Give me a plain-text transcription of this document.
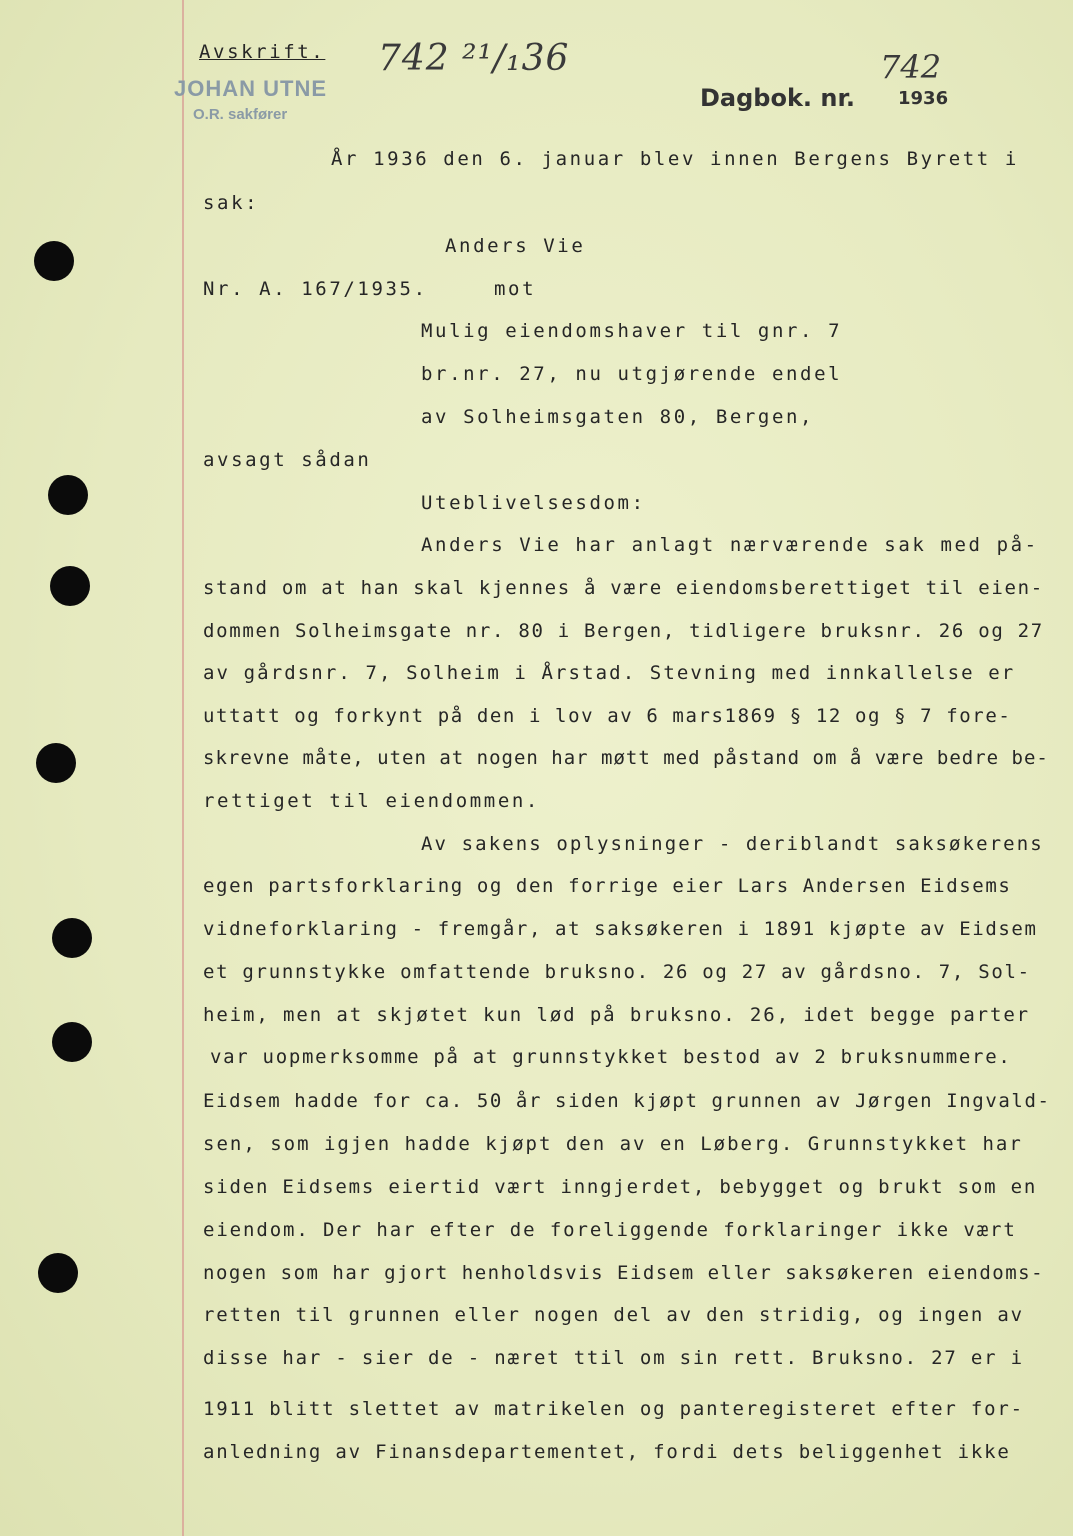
Avskrift.
JOHAN UTNE
O.R. sakfører
742 ²¹/₁36
Dagbok. nr.
742
1936
År 1936 den 6. januar blev innen Bergens Byrett i
sak:
Anders Vie
Nr. A. 167/1935.	mot
Mulig eiendomshaver til gnr. 7
br.nr. 27, nu utgjørende endel
av Solheimsgaten 80, Bergen,
avsagt sådan
Uteblivelsesdom:
Anders Vie har anlagt nærværende sak med på-
stand om at han skal kjennes å være eiendomsberettiget til eien-
dommen Solheimsgate nr. 80 i Bergen, tidligere bruksnr. 26 og 27
av gårdsnr. 7, Solheim i Årstad. Stevning med innkallelse er
uttatt og forkynt på den i lov av 6 mars1869 § 12 og § 7 fore-
skrevne måte, uten at nogen har møtt med påstand om å være bedre be-
rettiget til eiendommen.
Av sakens oplysninger - deriblandt saksøkerens
egen partsforklaring og den forrige eier Lars Andersen Eidsems
vidneforklaring - fremgår, at saksøkeren i 1891 kjøpte av Eidsem
et grunnstykke omfattende bruksno. 26 og 27 av gårdsno. 7, Sol-
heim, men at skjøtet kun lød på bruksno. 26, idet begge parter
var uopmerksomme på at grunnstykket bestod av 2 bruksnummere.
Eidsem hadde for ca. 50 år siden kjøpt grunnen av Jørgen Ingvald-
sen, som igjen hadde kjøpt den av en Løberg. Grunnstykket har
siden Eidsems eiertid vært inngjerdet, bebygget og brukt som en
eiendom. Der har efter de foreliggende forklaringer ikke vært
nogen som har gjort henholdsvis Eidsem eller saksøkeren eiendoms-
retten til grunnen eller nogen del av den stridig, og ingen av
disse har - sier de - næret ttil om sin rett. Bruksno. 27 er i
1911 blitt slettet av matrikelen og panteregisteret efter for-
anledning av Finansdepartementet, fordi dets beliggenhet ikke
